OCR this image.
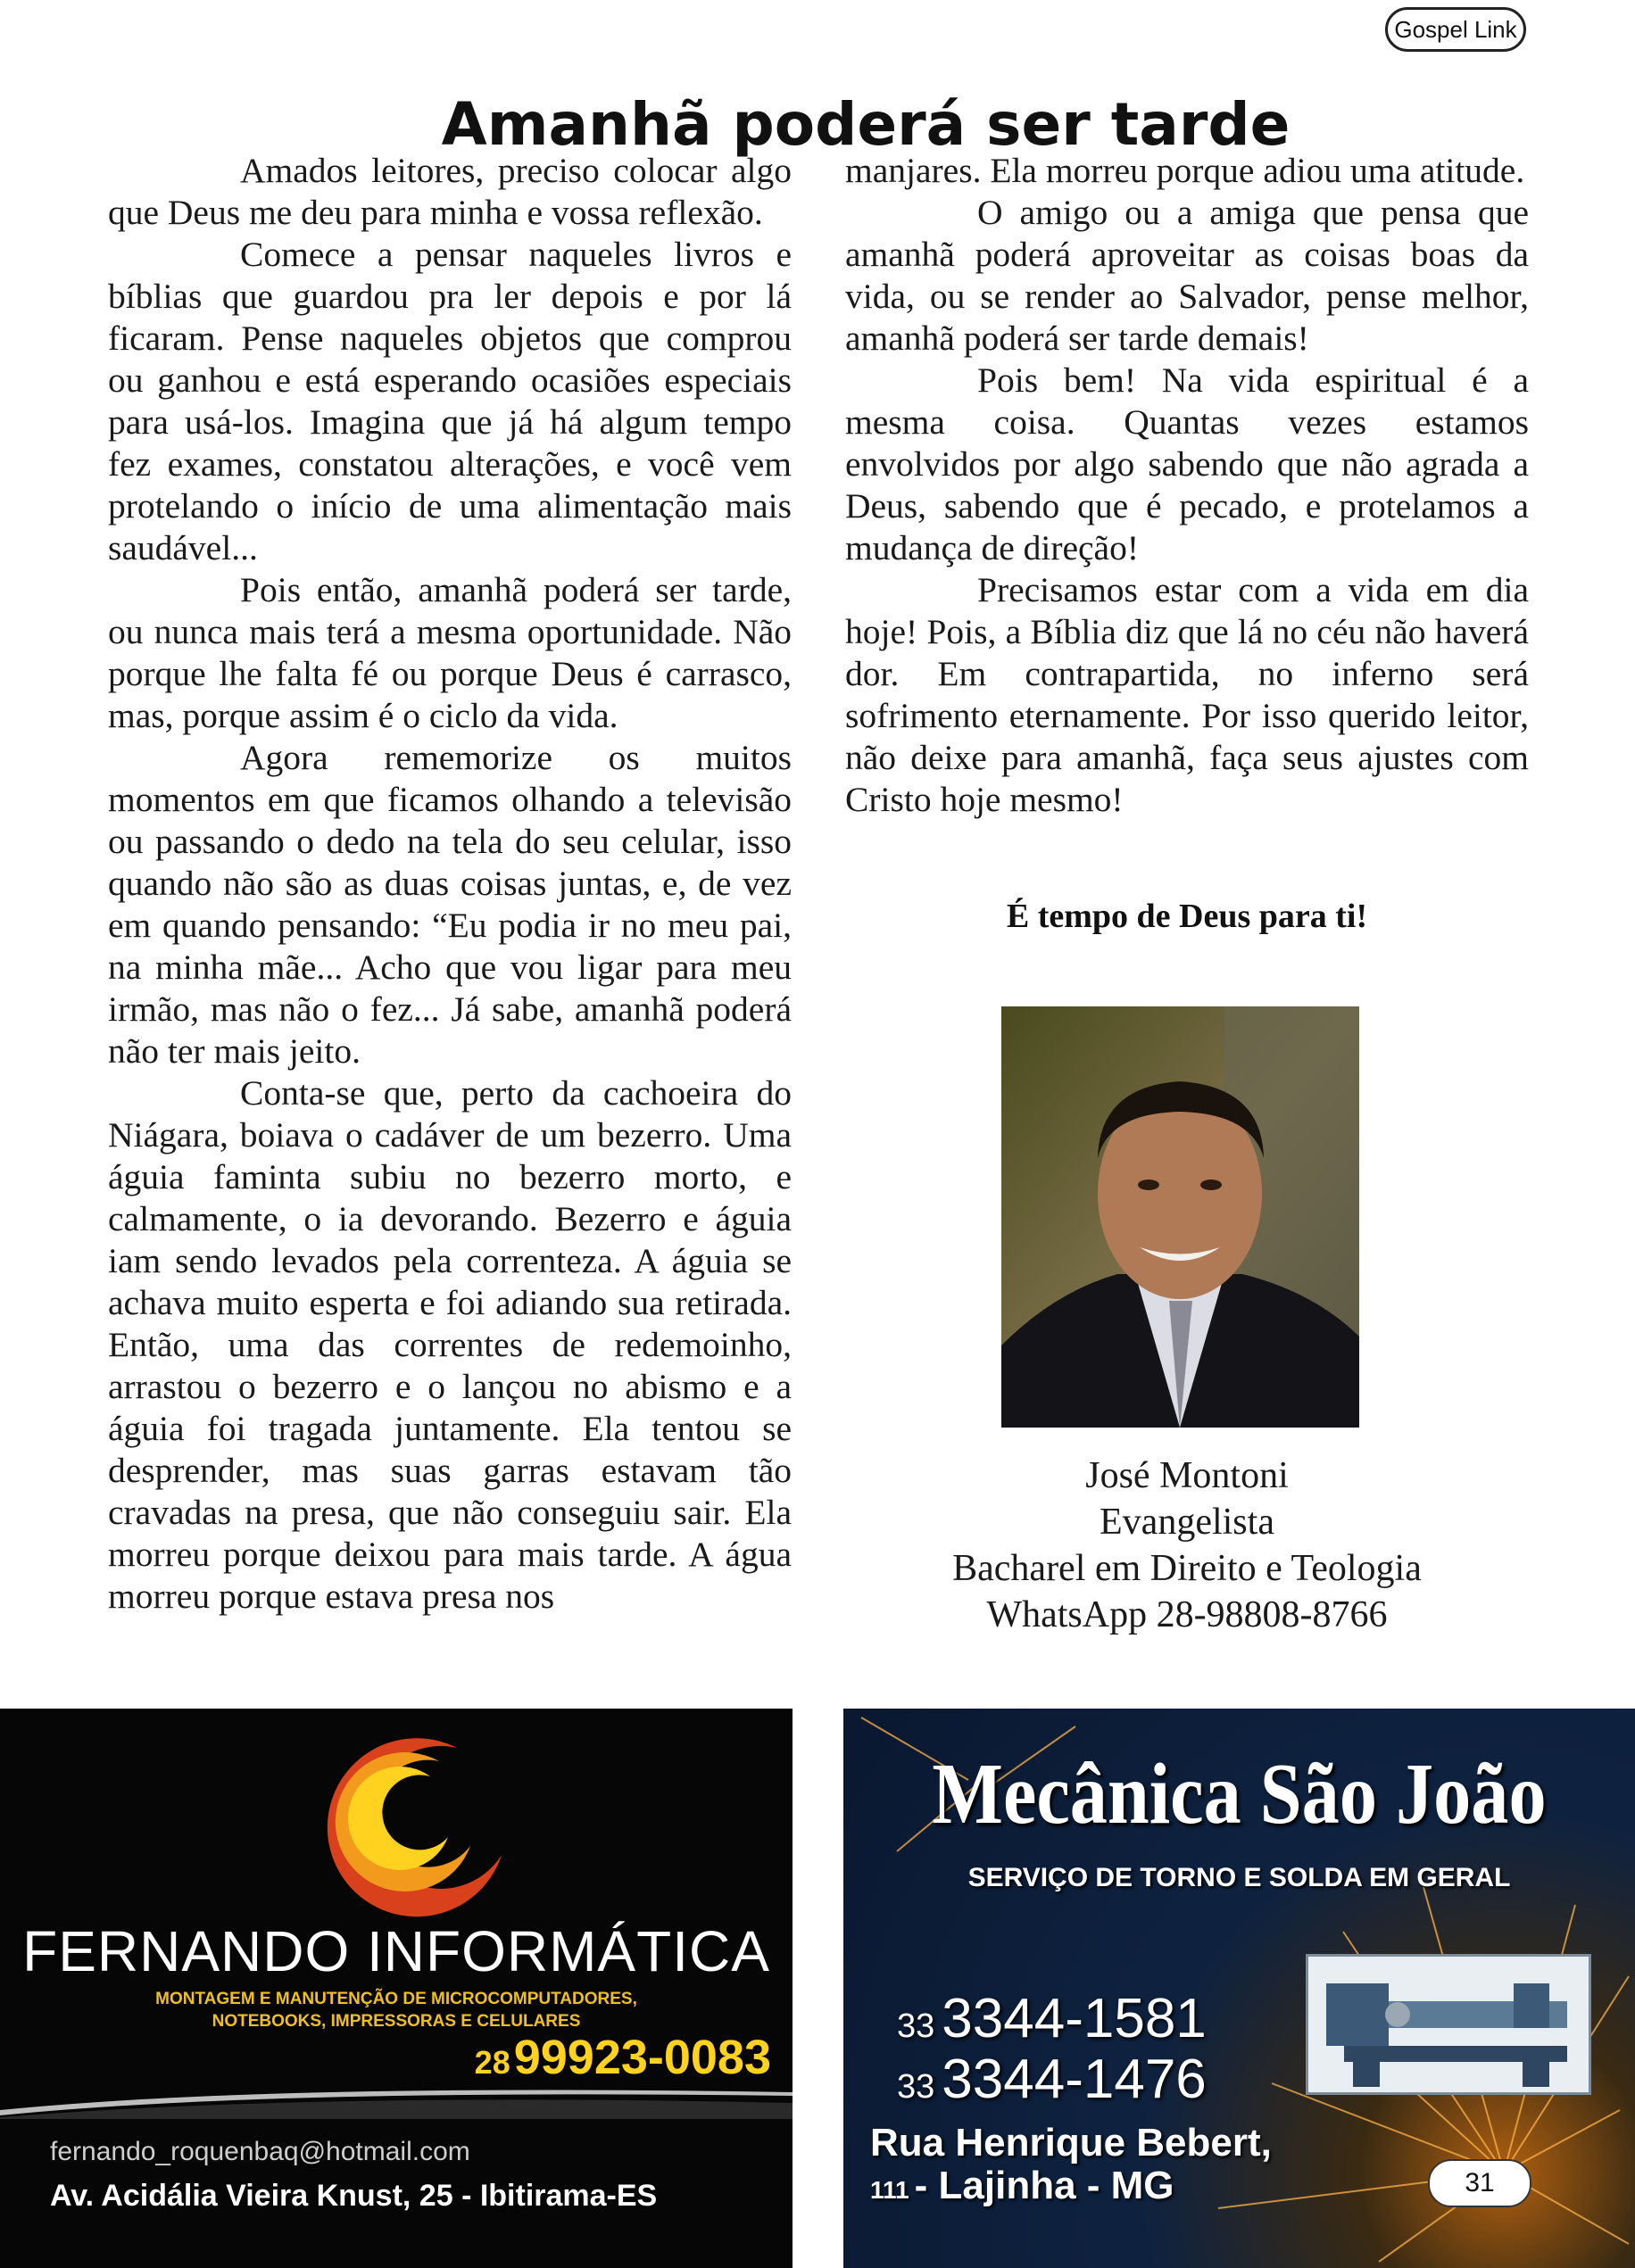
Gospel Link
Amanhã poderá ser tarde

Amados leitores, preciso colocar algo que Deus me deu para minha e vossa reflexão.

Comece a pensar naqueles livros e bíblias que guardou pra ler depois e por lá ficaram. Pense naqueles objetos que comprou ou ganhou e está esperando ocasiões especiais para usá-los. Imagina que já há algum tempo fez exames, constatou alterações, e você vem protelando o início de uma alimentação mais saudável...

Pois então, amanhã poderá ser tarde, ou nunca mais terá a mesma oportunidade. Não porque lhe falta fé ou porque Deus é carrasco, mas, porque assim é o ciclo da vida.

Agora rememorize os muitos momentos em que ficamos olhando a televisão ou passando o dedo na tela do seu celular, isso quando não são as duas coisas juntas, e, de vez em quando pensando: “Eu podia ir no meu pai, na minha mãe... Acho que vou ligar para meu irmão, mas não o fez... Já sabe, amanhã poderá não ter mais jeito.

Conta-se que, perto da cachoeira do Niágara, boiava o cadáver de um bezerro. Uma águia faminta subiu no bezerro morto, e calmamente, o ia devorando. Bezerro e águia iam sendo levados pela correnteza. A águia se achava muito esperta e foi adiando sua retirada. Então, uma das correntes de redemoinho, arrastou o bezerro e o lançou no abismo e a águia foi tragada juntamente. Ela tentou se desprender, mas suas garras estavam tão cravadas na presa, que não conseguiu sair. Ela morreu porque deixou para mais tarde. A água morreu porque estava presa nos

manjares. Ela morreu porque adiou uma atitude.

O amigo ou a amiga que pensa que amanhã poderá aproveitar as coisas boas da vida, ou se render ao Salvador, pense melhor, amanhã poderá ser tarde demais!

Pois bem! Na vida espiritual é a mesma coisa. Quantas vezes estamos envolvidos por algo sabendo que não agrada a Deus, sabendo que é pecado, e protelamos a mudança de direção!

Precisamos estar com a vida em dia hoje! Pois, a Bíblia diz que lá no céu não haverá dor. Em contrapartida, no inferno será sofrimento eternamente. Por isso querido leitor, não deixe para amanhã, faça seus ajustes com Cristo hoje mesmo!

É tempo de Deus para ti!
José Montoni
Evangelista
Bacharel em Direito e Teologia
WhatsApp 28-98808-8766
FERNANDO INFORMÁTICA
MONTAGEM E MANUTENÇÃO DE MICROCOMPUTADORES,
NOTEBOOKS, IMPRESSORAS E CELULARES
2899923-0083
fernando_roquenbaq@hotmail.com
Av. Acidália Vieira Knust, 25 - Ibitirama-ES
Mecânica São João
SERVIÇO DE TORNO E SOLDA EM GERAL
33 3344-1581
33 3344-1476
Rua Henrique Bebert,
111 - Lajinha - MG	31
